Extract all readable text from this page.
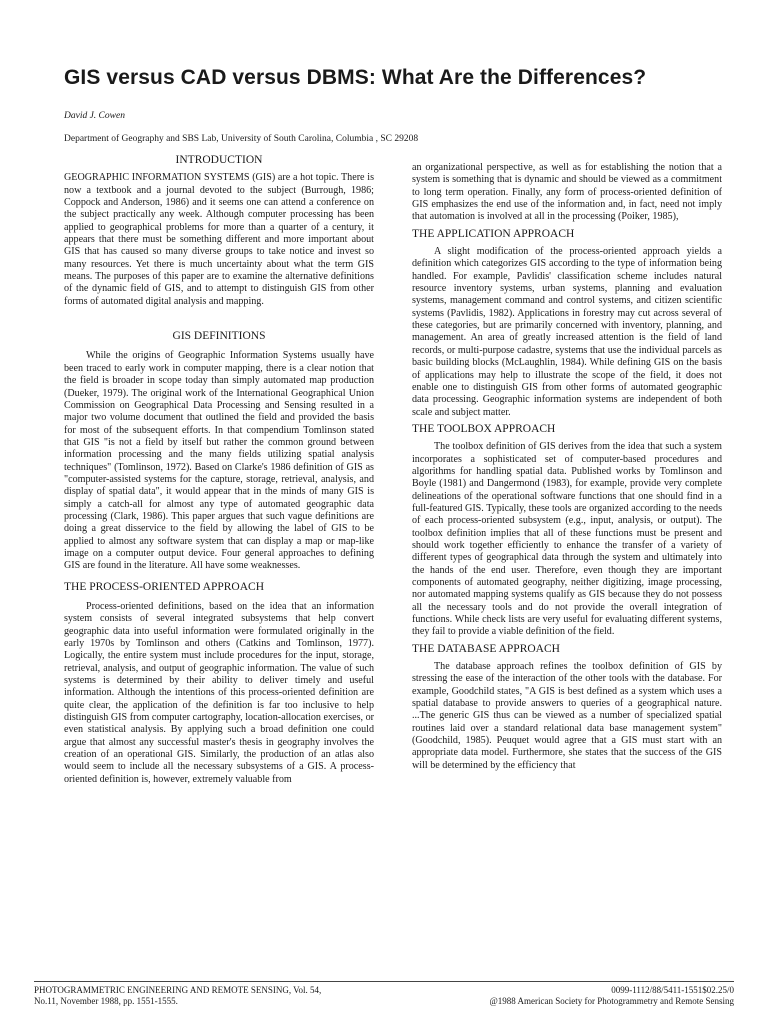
GIS versus CAD versus DBMS: What Are the Differences?
David J. Cowen
Department of Geography and SBS Lab, University of South Carolina, Columbia , SC 29208
INTRODUCTION

GEOGRAPHIC INFORMATION SYSTEMS (GIS) are a hot topic. There is now a textbook and a journal devoted to the subject (Burrough, 1986; Coppock and Anderson, 1986) and it seems one can attend a conference on the subject practically any week. Although computer processing has been applied to geographical problems for more than a quarter of a century, it appears that there must be something different and more important about GIS that has caused so many diverse groups to take notice and invest so many resources. Yet there is much uncertainty about what the term GIS means. The purposes of this paper are to examine the alternative definitions of the dynamic field of GIS, and to attempt to distinguish GIS from other forms of automated digital analysis and mapping.

GIS DEFINITIONS

While the origins of Geographic Information Systems usually have been traced to early work in computer mapping, there is a clear notion that the field is broader in scope today than simply automated map production (Dueker, 1979). The original work of the International Geographical Union Commission on Geographical Data Processing and Sensing resulted in a major two volume document that outlined the field and provided the basis for most of the subsequent efforts. In that compendium Tomlinson stated that GIS "is not a field by itself but rather the common ground between information processing and the many fields utilizing spatial analysis techniques" (Tomlinson, 1972). Based on Clarke's 1986 definition of GIS as "computer-assisted systems for the capture, storage, retrieval, analysis, and display of spatial data", it would appear that in the minds of many GIS is simply a catch-all for almost any type of automated geographic data processing (Clark, 1986). This paper argues that such vague definitions are doing a great disservice to the field by allowing the label of GIS to be applied to almost any software system that can display a map or map-like image on a computer output device. Four general approaches to defining GIS are found in the literature. All have some weaknesses.

THE PROCESS-ORIENTED APPROACH

Process-oriented definitions, based on the idea that an information system consists of several integrated subsystems that help convert geographic data into useful information were formulated originally in the early 1970s by Tomlinson and others (Catkins and Tomlinson, 1977). Logically, the entire system must include procedures for the input, storage, retrieval, analysis, and output of geographic information. The value of such systems is determined by their ability to deliver timely and useful information. Although the intentions of this process-oriented definition are quite clear, the application of the definition is far too inclusive to help distinguish GIS from computer cartography, location-allocation exercises, or even statistical analysis. By applying such a broad definition one could argue that almost any successful master's thesis in geography involves the creation of an operational GIS. Similarly, the production of an atlas also would seem to include all the necessary subsystems of a GIS. A process-oriented definition is, however, extremely valuable from

an organizational perspective, as well as for establishing the notion that a system is something that is dynamic and should be viewed as a commitment to long term operation. Finally, any form of process-oriented definition of GIS emphasizes the end use of the information and, in fact, need not imply that automation is involved at all in the processing (Poiker, 1985),

THE APPLICATION APPROACH

A slight modification of the process-oriented approach yields a definition which categorizes GIS according to the type of information being handled. For example, Pavlidis' classification scheme includes natural resource inventory systems, urban systems, planning and evaluation systems, management command and control systems, and citizen scientific systems (Pavlidis, 1982). Applications in forestry may cut across several of these categories, but are primarily concerned with inventory, planning, and management. An area of greatly increased attention is the field of land records, or multi-purpose cadastre, systems that use the individual parcels as basic building blocks (McLaughlin, 1984). While defining GIS on the basis of applications may help to illustrate the scope of the field, it does not enable one to distinguish GIS from other forms of automated geographic data processing. Geographic information systems are independent of both scale and subject matter.

THE TOOLBOX APPROACH

The toolbox definition of GIS derives from the idea that such a system incorporates a sophisticated set of computer-based procedures and algorithms for handling spatial data. Published works by Tomlinson and Boyle (1981) and Dangermond (1983), for example, provide very complete delineations of the operational software functions that one should find in a full-featured GIS. Typically, these tools are organized according to the needs of each process-oriented subsystem (e.g., input, analysis, or output). The toolbox definition implies that all of these functions must be present and should work together efficiently to enhance the transfer of a variety of different types of geographical data through the system and ultimately into the hands of the end user. Therefore, even though they are important components of automated geography, neither digitizing, image processing, nor automated mapping systems qualify as GIS because they do not possess all the necessary tools and do not provide the overall integration of functions. While check lists are very useful for evaluating different systems, they fail to provide a viable definition of the field.

THE DATABASE APPROACH

The database approach refines the toolbox definition of GIS by stressing the ease of the interaction of the other tools with the database. For example, Goodchild states, "A GIS is best defined as a system which uses a spatial database to provide answers to queries of a geographical nature. ...The generic GIS thus can be viewed as a number of specialized spatial routines laid over a standard relational data base management system" (Goodchild, 1985). Peuquet would agree that a GIS must start with an appropriate data model. Furthermore, she states that the success of the GIS will be determined by the efficiency that

PHOTOGRAMMETRIC ENGINEERING AND REMOTE SENSING, Vol. 54,
No.11, November 1988, pp. 1551-1555.
0099-1112/88/5411-1551$02.25/0
@1988 American Society for Photogrammetry and Remote Sensing
